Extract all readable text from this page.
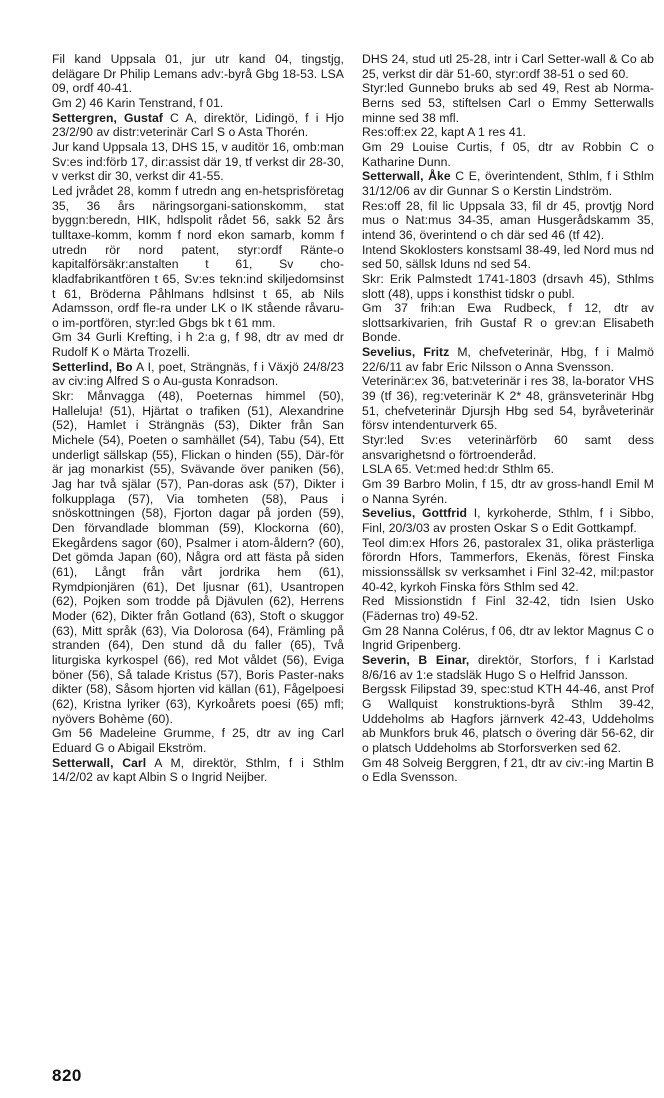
Fil kand Uppsala 01, jur utr kand 04, tingstjg, delägare Dr Philip Lemans adv:-byrå Gbg 18-53. LSA 09, ordf 40-41.

Gm 2) 46 Karin Tenstrand, f 01.

Settergren, Gustaf C A, direktör, Lidingö, f i Hjo 23/2/90 av distr:veterinär Carl S o Asta Thorén.

Jur kand Uppsala 13, DHS 15, v auditör 16, omb:man Sv:es ind:förb 17, dir:assist där 19, tf verkst dir 28-30, v verkst dir 30, verkst dir 41-55.

Led jvrådet 28, komm f utredn ang en-hetsprisföretag 35, 36 års näringsorgani-sationskomm, stat byggn:beredn, HIK, hdlspolit rådet 56, sakk 52 års tulltaxe-komm, komm f nord ekon samarb, komm f utredn rör nord patent, styr:ordf Ränte-o kapitalförsäkr:anstalten t 61, Sv cho-kladfabrikantfören t 65, Sv:es tekn:ind skiljedomsinst t 61, Bröderna Påhlmans hdlsinst t 65, ab Nils Adamsson, ordf fle-ra under LK o IK stående råvaru- o im-portfören, styr:led Gbgs bk t 61 mm.

Gm 34 Gurli Krefting, i h 2:a g, f 98, dtr av med dr Rudolf K o Märta Trozelli.

Setterlind, Bo A I, poet, Strängnäs, f i Växjö 24/8/23 av civ:ing Alfred S o Au-gusta Konradson.

Skr: Månvagga (48), Poeternas himmel (50), Halleluja! (51), Hjärtat o trafiken (51), Alexandrine (52), Hamlet i Strängnäs (53), Dikter från San Michele (54), Poeten o samhället (54), Tabu (54), Ett underligt sällskap (55), Flickan o hinden (55), Där-för är jag monarkist (55), Svävande över paniken (56), Jag har två själar (57), Pan-doras ask (57), Dikter i folkupplaga (57), Via tomheten (58), Paus i snöskottningen (58), Fjorton dagar på jorden (59), Den förvandlade blomman (59), Klockorna (60), Ekegårdens sagor (60), Psalmer i atom-åldern? (60), Det gömda Japan (60), Några ord att fästa på siden (61), Långt från vårt jordrika hem (61), Rymdpionjären (61), Det ljusnar (61), Usantropen (62), Pojken som trodde på Djävulen (62), Herrens Moder (62), Dikter från Gotland (63), Stoft o skuggor (63), Mitt språk (63), Via Dolorosa (64), Främling på stranden (64), Den stund då du faller (65), Två liturgiska kyrkospel (66), red Mot våldet (56), Eviga böner (56), Så talade Kristus (57), Boris Paster-naks dikter (58), Såsom hjorten vid källan (61), Fågelpoesi (62), Kristna lyriker (63), Kyrkoårets poesi (65) mfl; nyövers Bohème (60).

Gm 56 Madeleine Grumme, f 25, dtr av ing Carl Eduard G o Abigail Ekström.

Setterwall, Carl A M, direktör, Sthlm, f i Sthlm 14/2/02 av kapt Albin S o Ingrid Neijber.

DHS 24, stud utl 25-28, intr i Carl Setter-wall & Co ab 25, verkst dir där 51-60, styr:ordf 38-51 o sed 60.

Styr:led Gunnebo bruks ab sed 49, Rest ab Norma-Berns sed 53, stiftelsen Carl o Emmy Setterwalls minne sed 38 mfl.

Res:off:ex 22, kapt A 1 res 41.

Gm 29 Louise Curtis, f 05, dtr av Robbin C o Katharine Dunn.

Setterwall, Åke C E, överintendent, Sthlm, f i Sthlm 31/12/06 av dir Gunnar S o Kerstin Lindström.

Res:off 28, fil lic Uppsala 33, fil dr 45, provtjg Nord mus o Nat:mus 34-35, aman Husgerådskamm 35, intend 36, överintend o ch där sed 46 (tf 42).

Intend Skoklosters konstsaml 38-49, led Nord mus nd sed 50, sällsk Iduns nd sed 54.

Skr: Erik Palmstedt 1741-1803 (drsavh 45), Sthlms slott (48), upps i konsthist tidskr o publ.

Gm 37 frih:an Ewa Rudbeck, f 12, dtr av slottsarkivarien, frih Gustaf R o grev:an Elisabeth Bonde.

Sevelius, Fritz M, chefveterinär, Hbg, f i Malmö 22/6/11 av fabr Eric Nilsson o Anna Svensson.

Veterinär:ex 36, bat:veterinär i res 38, la-borator VHS 39 (tf 36), reg:veterinär K 2* 48, gränsveterinär Hbg 51, chefveterinär Djursjh Hbg sed 54, byråveterinär försv intendenturverk 65.

Styr:led Sv:es veterinärförb 60 samt dess ansvarighetsnd o förtroenderåd.

LSLA 65. Vet:med hed:dr Sthlm 65.

Gm 39 Barbro Molin, f 15, dtr av gross-handl Emil M o Nanna Syrén.

Sevelius, Gottfrid I, kyrkoherde, Sthlm, f i Sibbo, Finl, 20/3/03 av prosten Oskar S o Edit Gottkampf.

Teol dim:ex Hfors 26, pastoralex 31, olika prästerliga förordn Hfors, Tammerfors, Ekenäs, förest Finska missionssällsk sv verksamhet i Finl 32-42, mil:pastor 40-42, kyrkoh Finska förs Sthlm sed 42.

Red Missionstidn f Finl 32-42, tidn Isien Usko (Fädernas tro) 49-52.

Gm 28 Nanna Colérus, f 06, dtr av lektor Magnus C o Ingrid Gripenberg.

Severin, B Einar, direktör, Storfors, f i Karlstad 8/6/16 av 1:e stadsläk Hugo S o Helfrid Jansson.

Bergssk Filipstad 39, spec:stud KTH 44-46, anst Prof G Wallquist konstruktions-byrå Sthlm 39-42, Uddeholms ab Hagfors järnverk 42-43, Uddeholms ab Munkfors bruk 46, platsch o övering där 56-62, dir o platsch Uddeholms ab Storforsverken sed 62.

Gm 48 Solveig Berggren, f 21, dtr av civ:-ing Martin B o Edla Svensson.

820
